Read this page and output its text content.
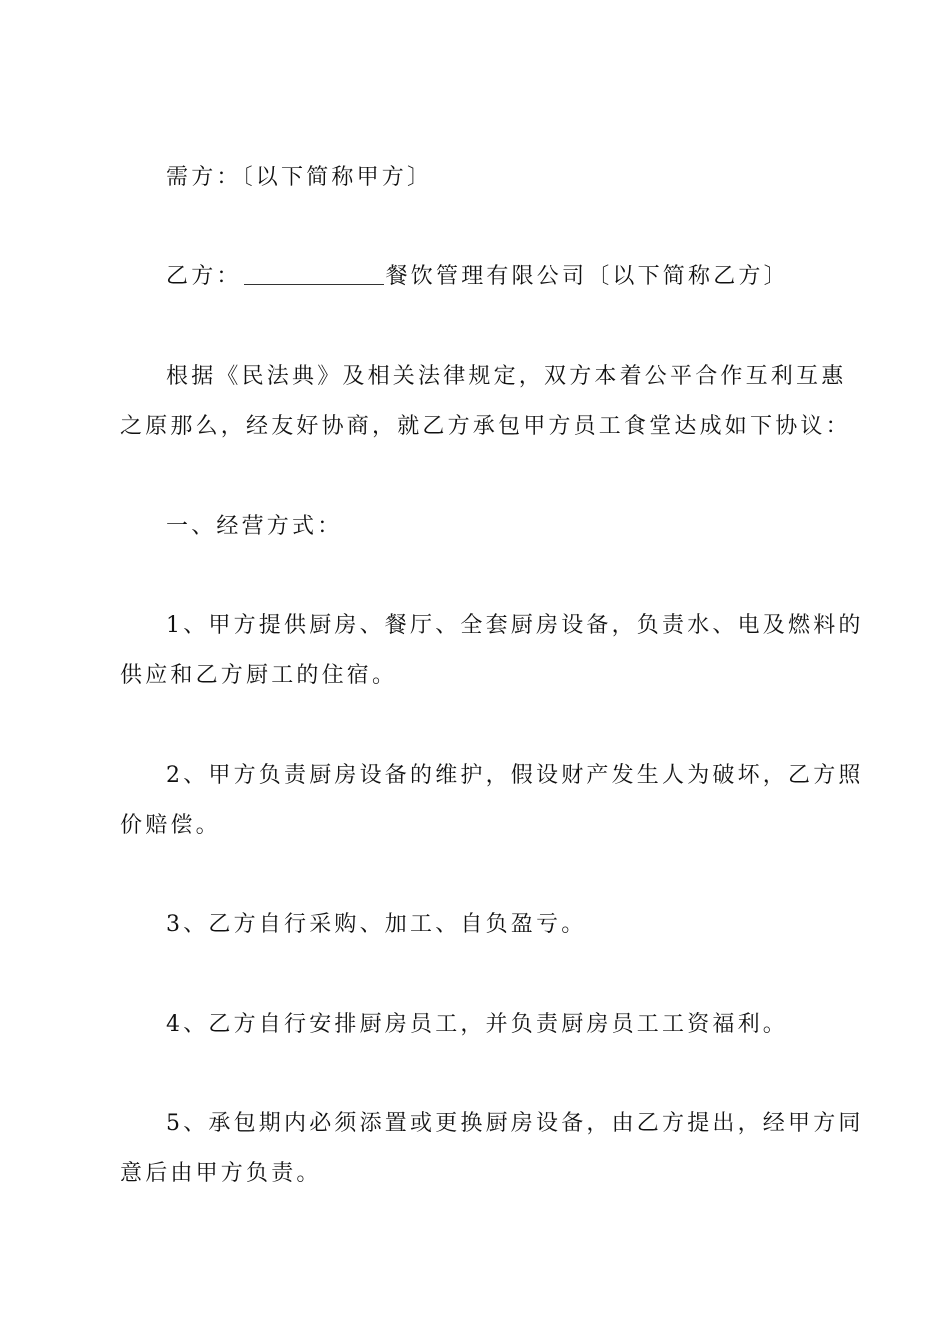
需方：〔以下简称甲方〕
乙方：	餐饮管理有限公司〔以下简称乙方〕
根据《民法典》及相关法律规定，双方本着公平合作互利互惠
之原那么，经友好协商，就乙方承包甲方员工食堂达成如下协议：
一、经营方式：
1、甲方提供厨房、餐厅、全套厨房设备，负责水、电及燃料的
供应和乙方厨工的住宿。
2、甲方负责厨房设备的维护，假设财产发生人为破坏，乙方照
价赔偿。
3、乙方自行采购、加工、自负盈亏。
4、乙方自行安排厨房员工，并负责厨房员工工资福利。
5、承包期内必须添置或更换厨房设备，由乙方提出，经甲方同
意后由甲方负责。
